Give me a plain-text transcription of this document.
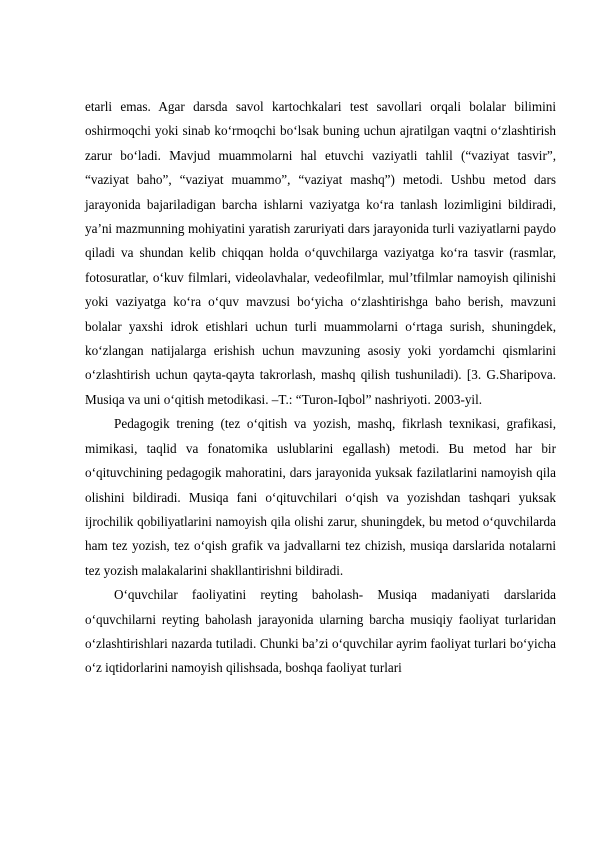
etarli emas. Agar darsda savol kartochkalari test savollari orqali bolalar bilimini oshirmoqchi yoki sinab ko‘rmoqchi bo‘lsak buning uchun ajratilgan vaqtni o‘zlashtirish zarur bo‘ladi. Mavjud muammolarni hal etuvchi vaziyatli tahlil (“vaziyat tasvir”, “vaziyat baho”, “vaziyat muammo”, “vaziyat mashq”) metodi. Ushbu metod dars jarayonida bajariladigan barcha ishlarni vaziyatga ko‘ra tanlash lozimligini bildiradi, ya’ni mazmunning mohiyatini yaratish zaruriyati dars jarayonida turli vaziyatlarni paydo qiladi va shundan kelib chiqqan holda o‘quvchilarga vaziyatga ko‘ra tasvir (rasmlar, fotosuratlar, o‘kuv filmlari, videolavhalar, vedeofilmlar, mul’tfilmlar namoyish qilinishi yoki vaziyatga ko‘ra o‘quv mavzusi bo‘yicha o‘zlashtirishga baho berish, mavzuni bolalar yaxshi idrok etishlari uchun turli muammolarni o‘rtaga surish, shuningdek, ko‘zlangan natijalarga erishish uchun mavzuning asosiy yoki yordamchi qismlarini o‘zlashtirish uchun qayta-qayta takrorlash, mashq qilish tushuniladi). [3. G.Sharipova. Musiqa va uni o‘qitish metodikasi. –T.: “Turon-Iqbol” nashriyoti. 2003-yil.

Pedagogik trening (tez o‘qitish va yozish, mashq, fikrlash texnikasi, grafikasi, mimikasi, taqlid va fonatomika uslublarini egallash) metodi. Bu metod har bir o‘qituvchining pedagogik mahoratini, dars jarayonida yuksak fazilatlarini namoyish qila olishini bildiradi. Musiqa fani o‘qituvchilari o‘qish va yozishdan tashqari yuksak ijrochilik qobiliyatlarini namoyish qila olishi zarur, shuningdek, bu metod o‘quvchilarda ham tez yozish, tez o‘qish grafik va jadvallarni tez chizish, musiqa darslarida notalarni tez yozish malakalarini shakllantirishni bildiradi.

O‘quvchilar faoliyatini reyting baholash- Musiqa madaniyati darslarida o‘quvchilarni reyting baholash jarayonida ularning barcha musiqiy faoliyat turlaridan o‘zlashtirishlari nazarda tutiladi. Chunki ba’zi o‘quvchilar ayrim faoliyat turlari bo‘yicha o‘z iqtidorlarini namoyish qilishsada, boshqa faoliyat turlari
